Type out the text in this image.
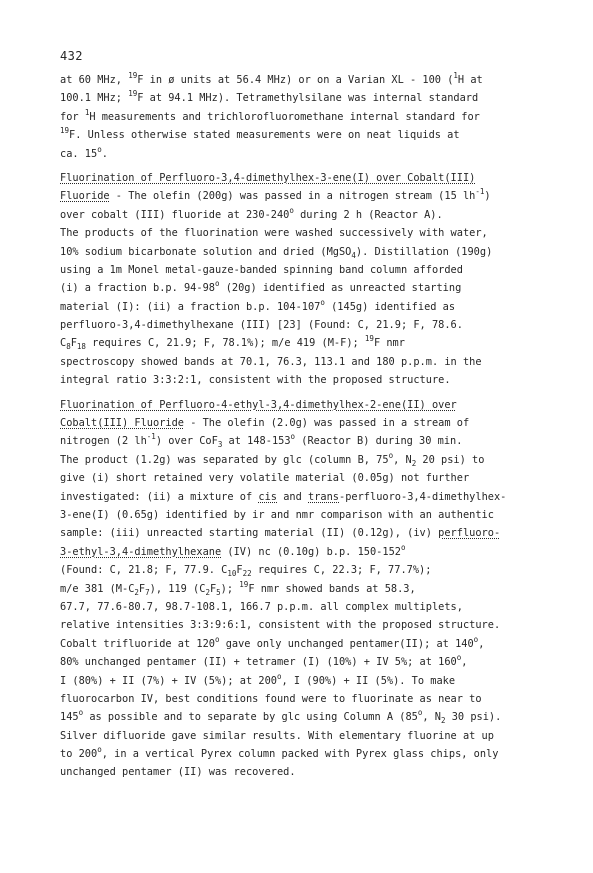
432
at 60 MHz, $^{19}$F in ø units at 56.4 MHz) or on a Varian XL - 100 ($^1$H at
100.1 MHz; $^{19}$F at 94.1 MHz). Tetramethylsilane was internal standard
for $^1$H measurements and trichlorofluoromethane internal standard for
$^{19}$F. Unless otherwise stated measurements were on neat liquids at
ca. 15$^o$.
Fluorination of Perfluoro-3,4-dimethylhex-3-ene(I) over Cobalt(III)
Fluoride - The olefin (200g) was passed in a nitrogen stream (15 $lh^{-1}$)
over cobalt (III) fluoride at 230-240$^o$ during 2 h (Reactor A).
The products of the fluorination were washed successively with water,
10% sodium bicarbonate solution and dried (MgSO$_4$). Distillation (190g)
using a 1m Monel metal-gauze-banded spinning band column afforded
(i) a fraction b.p. 94-98$^o$ (20g) identified as unreacted starting
material (I): (ii) a fraction b.p. 104-107$^o$ (145g) identified as
perfluoro-3,4-dimethylhexane (III) [23] (Found: C, 21.9; F, 78.6.
$C_8F_{18}$ requires C, 21.9; F, 78.1%); m/e 419 (M-F); $^{19}$F nmr
spectroscopy showed bands at 70.1, 76.3, 113.1 and 180 p.p.m. in the
integral ratio 3:3:2:1, consistent with the proposed structure.
Fluorination of Perfluoro-4-ethyl-3,4-dimethylhex-2-ene(II) over
Cobalt(III) Fluoride - The olefin (2.0g) was passed in a stream of
nitrogen (2 $lh^{-1}$) over CoF$_3$ at 148-153$^o$ (Reactor B) during 30 min.
The product (1.2g) was separated by glc (column B, 75$^o$, $N_2$ 20 psi) to
give (i) short retained very volatile material (0.05g) not further
investigated: (ii) a mixture of cis and trans-perfluoro-3,4-dimethylhex-
3-ene(I) (0.65g) identified by ir and nmr comparison with an authentic
sample: (iii) unreacted starting material (II) (0.12g), (iv) perfluoro-
3-ethyl-3,4-dimethylhexane (IV) nc (0.10g) b.p. 150-152$^o$
(Found: C, 21.8; F, 77.9. $C_{10}F_{22}$ requires C, 22.3; F, 77.7%);
m/e 381 $(M-C_2F_7)$, 119 $(C_2F_5)$; $^{19}$F nmr showed bands at 58.3,
67.7, 77.6-80.7, 98.7-108.1, 166.7 p.p.m. all complex multiplets,
relative intensities 3:3:9:6:1, consistent with the proposed structure.
Cobalt trifluoride at 120$^o$ gave only unchanged pentamer(II); at 140$^o$,
80% unchanged pentamer (II) + tetramer (I) (10%) + IV 5%; at 160$^o$,
I (80%) + II (7%) + IV (5%); at 200$^o$, I (90%) + II (5%). To make
fluorocarbon IV, best conditions found were to fluorinate as near to
145$^o$ as possible and to separate by glc using Column A (85$^o$, $N_2$ 30 psi).
Silver difluoride gave similar results. With elementary fluorine at up
to 200$^o$, in a vertical Pyrex column packed with Pyrex glass chips, only
unchanged pentamer (II) was recovered.
